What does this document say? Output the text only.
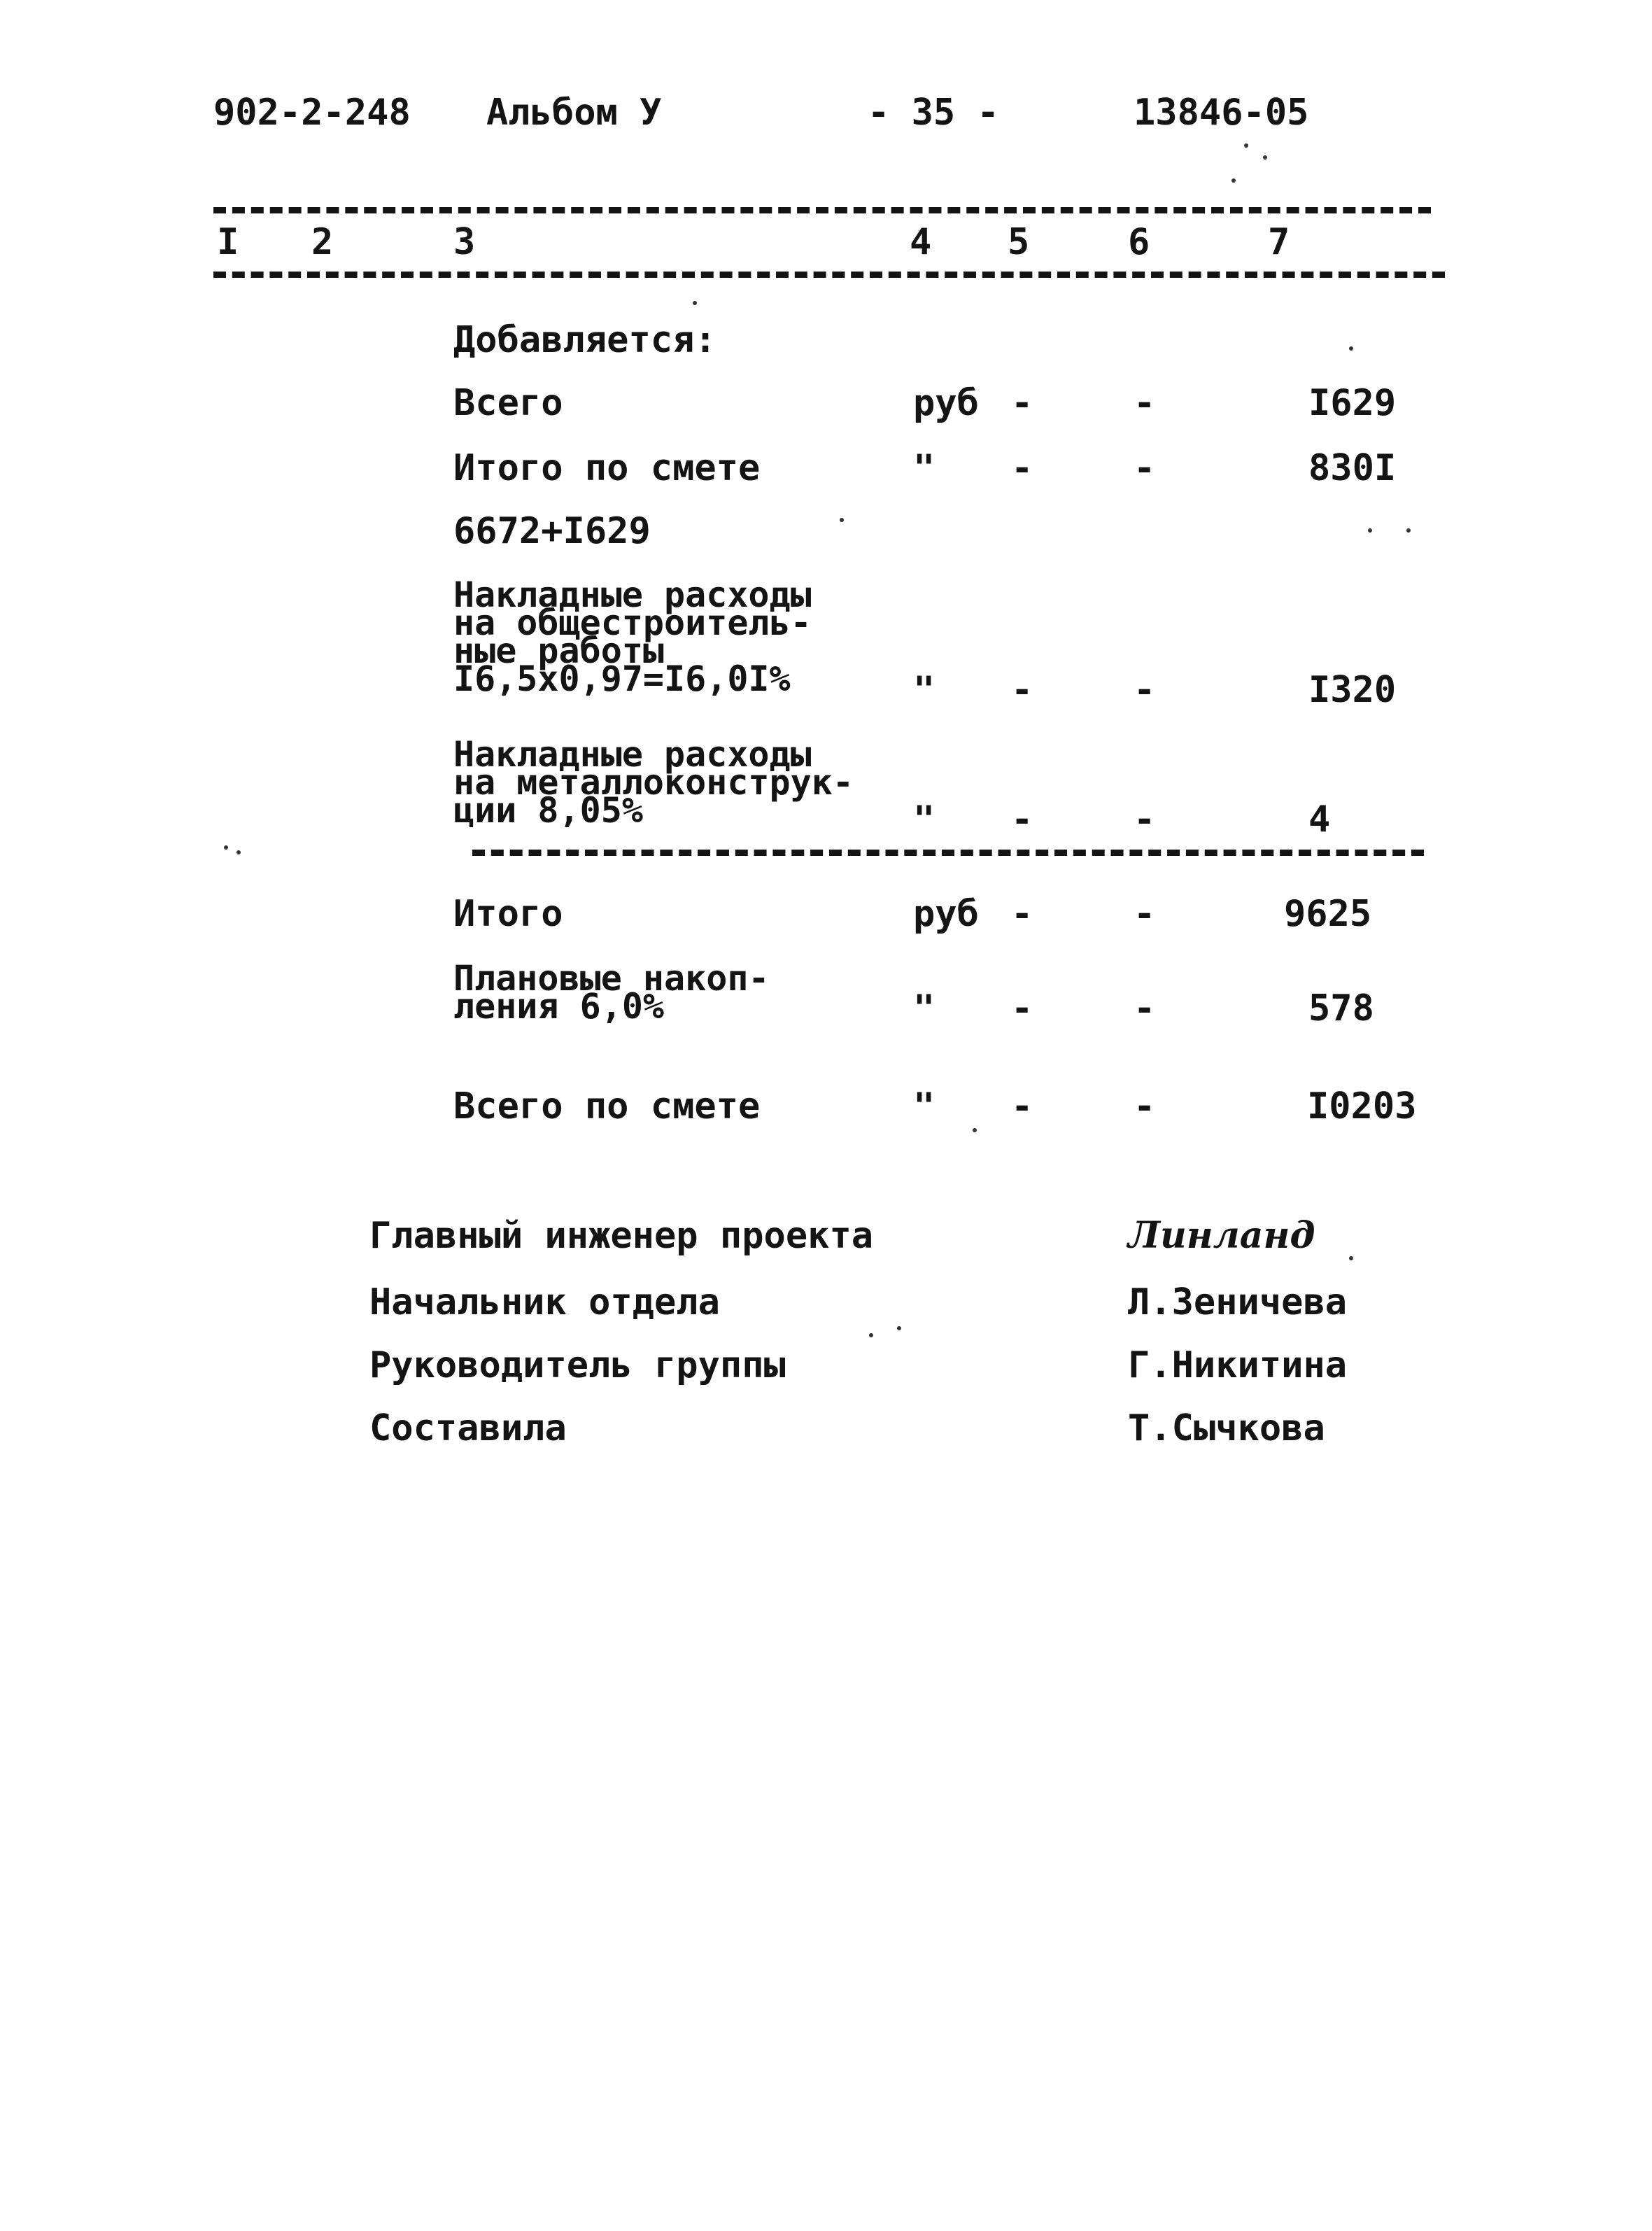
902-2-248 Альбом У	- 35 -	13846-05
I 2	3	4 5	6	7
Добавляется:
Всего	руб -	-	I629
Итого по смете	" -	-	830I
6672+I629
Накладные расходы
на общестроитель-
ные работы
I6,5x0,97=I6,0I%	" -	-	I320
Накладные расходы
на металлоконструк-
ции 8,05%	" -	-	4
Итого	руб -	-	9625
Плановые накоп-
ления 6,0%	" -	-	578
Всего по смете	" -	-	I0203
Главный инженер проекта	Линланд
Начальник отдела	Л.Зеничева
Руководитель группы	Г.Никитина
Составила	Т.Сычкова
